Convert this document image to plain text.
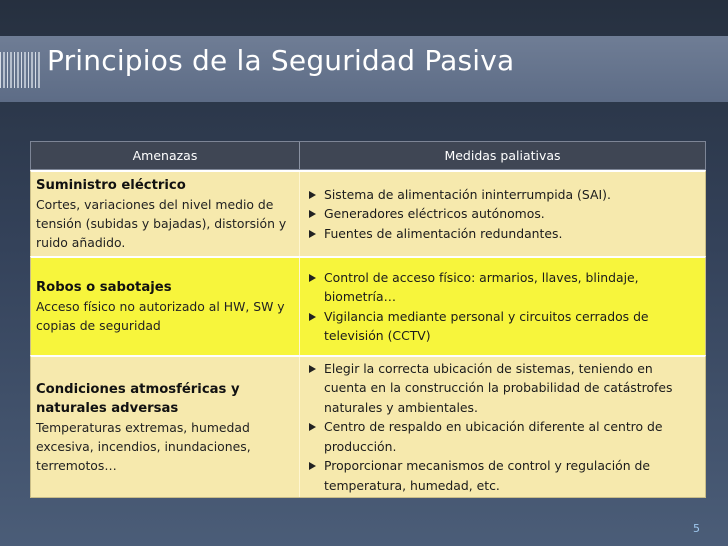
Principios de la Seguridad Pasiva
Amenazas	Medidas paliativas
Suministro eléctrico
Cortes, variaciones del nivel medio de tensión (subidas y bajadas), distorsión y ruido añadido.
Sistema de alimentación ininterrumpida (SAI).
Generadores eléctricos autónomos.
Fuentes de alimentación redundantes.
Robos o sabotajes
Acceso físico no autorizado al HW, SW y copias de seguridad
Control de acceso físico: armarios, llaves, blindaje, biometría…
Vigilancia mediante personal y circuitos cerrados de televisión (CCTV)
Condiciones atmosféricas y naturales adversas
Temperaturas extremas, humedad excesiva, incendios, inundaciones, terremotos…
Elegir la correcta ubicación de sistemas, teniendo en cuenta en la construcción la probabilidad de catástrofes naturales y ambientales.
Centro de respaldo en ubicación diferente al centro de producción.
Proporcionar mecanismos de control y regulación de temperatura, humedad, etc.
5
